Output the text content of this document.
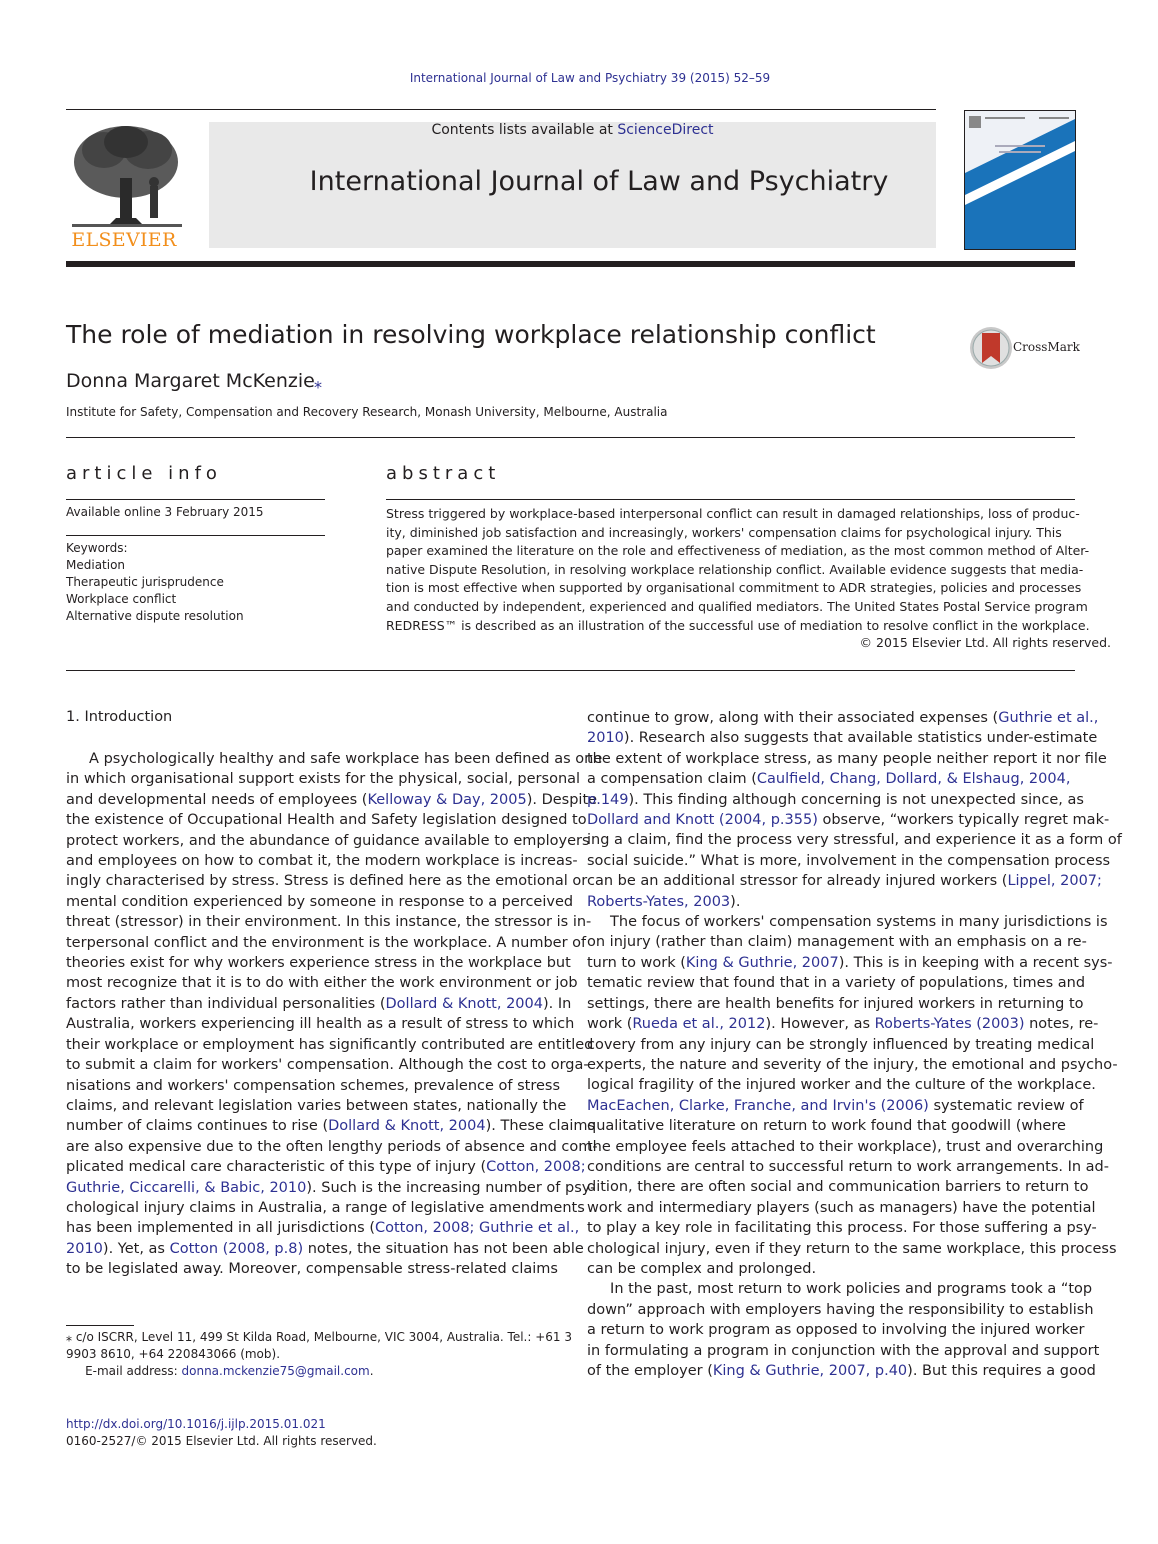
International Journal of Law and Psychiatry 39 (2015) 52–59
ELSEVIER
Contents lists available at ScienceDirect
International Journal of Law and Psychiatry
The role of mediation in resolving workplace relationship conflict	CrossMark
Donna Margaret McKenzie ⁎
Institute for Safety, Compensation and Recovery Research, Monash University, Melbourne, Australia
article info
Available online 3 February 2015
Keywords:
Mediation
Therapeutic jurisprudence
Workplace conflict
Alternative dispute resolution
abstract
Stress triggered by workplace-based interpersonal conﬂict can result in damaged relationships, loss of produc-
ity, diminished job satisfaction and increasingly, workers' compensation claims for psychological injury. This
paper examined the literature on the role and effectiveness of mediation, as the most common method of Alter-
native Dispute Resolution, in resolving workplace relationship conﬂict. Available evidence suggests that media-
tion is most effective when supported by organisational commitment to ADR strategies, policies and processes
and conducted by independent, experienced and qualiﬁed mediators. The United States Postal Service program
REDRESS™ is described as an illustration of the successful use of mediation to resolve conﬂict in the workplace.
© 2015 Elsevier Ltd. All rights reserved.
1. Introduction
A psychologically healthy and safe workplace has been deﬁned as one
in which organisational support exists for the physical, social, personal
and developmental needs of employees (Kelloway & Day, 2005). Despite
the existence of Occupational Health and Safety legislation designed to
protect workers, and the abundance of guidance available to employers
and employees on how to combat it, the modern workplace is increas-
ingly characterised by stress. Stress is deﬁned here as the emotional or
mental condition experienced by someone in response to a perceived
threat (stressor) in their environment. In this instance, the stressor is in-
terpersonal conﬂict and the environment is the workplace. A number of
theories exist for why workers experience stress in the workplace but
most recognize that it is to do with either the work environment or job
factors rather than individual personalities (Dollard & Knott, 2004). In
Australia, workers experiencing ill health as a result of stress to which
their workplace or employment has signiﬁcantly contributed are entitled
to submit a claim for workers' compensation. Although the cost to orga-
nisations and workers' compensation schemes, prevalence of stress
claims, and relevant legislation varies between states, nationally the
number of claims continues to rise (Dollard & Knott, 2004). These claims
are also expensive due to the often lengthy periods of absence and com-
plicated medical care characteristic of this type of injury (Cotton, 2008;
Guthrie, Ciccarelli, & Babic, 2010). Such is the increasing number of psy-
chological injury claims in Australia, a range of legislative amendments
has been implemented in all jurisdictions (Cotton, 2008; Guthrie et al.,
2010). Yet, as Cotton (2008, p.8) notes, the situation has not been able
to be legislated away. Moreover, compensable stress-related claims
continue to grow, along with their associated expenses (Guthrie et al.,
2010). Research also suggests that available statistics under-estimate
the extent of workplace stress, as many people neither report it nor ﬁle
a compensation claim (Caulﬁeld, Chang, Dollard, & Elshaug, 2004,
p.149). This ﬁnding although concerning is not unexpected since, as
Dollard and Knott (2004, p.355) observe, “workers typically regret mak-
ing a claim, ﬁnd the process very stressful, and experience it as a form of
social suicide.” What is more, involvement in the compensation process
can be an additional stressor for already injured workers (Lippel, 2007;
Roberts-Yates, 2003).
The focus of workers' compensation systems in many jurisdictions is
on injury (rather than claim) management with an emphasis on a re-
turn to work (King & Guthrie, 2007). This is in keeping with a recent sys-
tematic review that found that in a variety of populations, times and
settings, there are health beneﬁts for injured workers in returning to
work (Rueda et al., 2012). However, as Roberts-Yates (2003) notes, re-
covery from any injury can be strongly inﬂuenced by treating medical
experts, the nature and severity of the injury, the emotional and psycho-
logical fragility of the injured worker and the culture of the workplace.
MacEachen, Clarke, Franche, and Irvin's (2006) systematic review of
qualitative literature on return to work found that goodwill (where
the employee feels attached to their workplace), trust and overarching
conditions are central to successful return to work arrangements. In ad-
dition, there are often social and communication barriers to return to
work and intermediary players (such as managers) have the potential
to play a key role in facilitating this process. For those suffering a psy-
chological injury, even if they return to the same workplace, this process
can be complex and prolonged.
In the past, most return to work policies and programs took a “top
down” approach with employers having the responsibility to establish
a return to work program as opposed to involving the injured worker
in formulating a program in conjunction with the approval and support
of the employer (King & Guthrie, 2007, p.40). But this requires a good
⁎ c/o ISCRR, Level 11, 499 St Kilda Road, Melbourne, VIC 3004, Australia. Tel.: +61 3
9903 8610, +64 220843066 (mob).
E-mail address: donna.mckenzie75@gmail.com.
http://dx.doi.org/10.1016/j.ijlp.2015.01.021
0160-2527/© 2015 Elsevier Ltd. All rights reserved.
